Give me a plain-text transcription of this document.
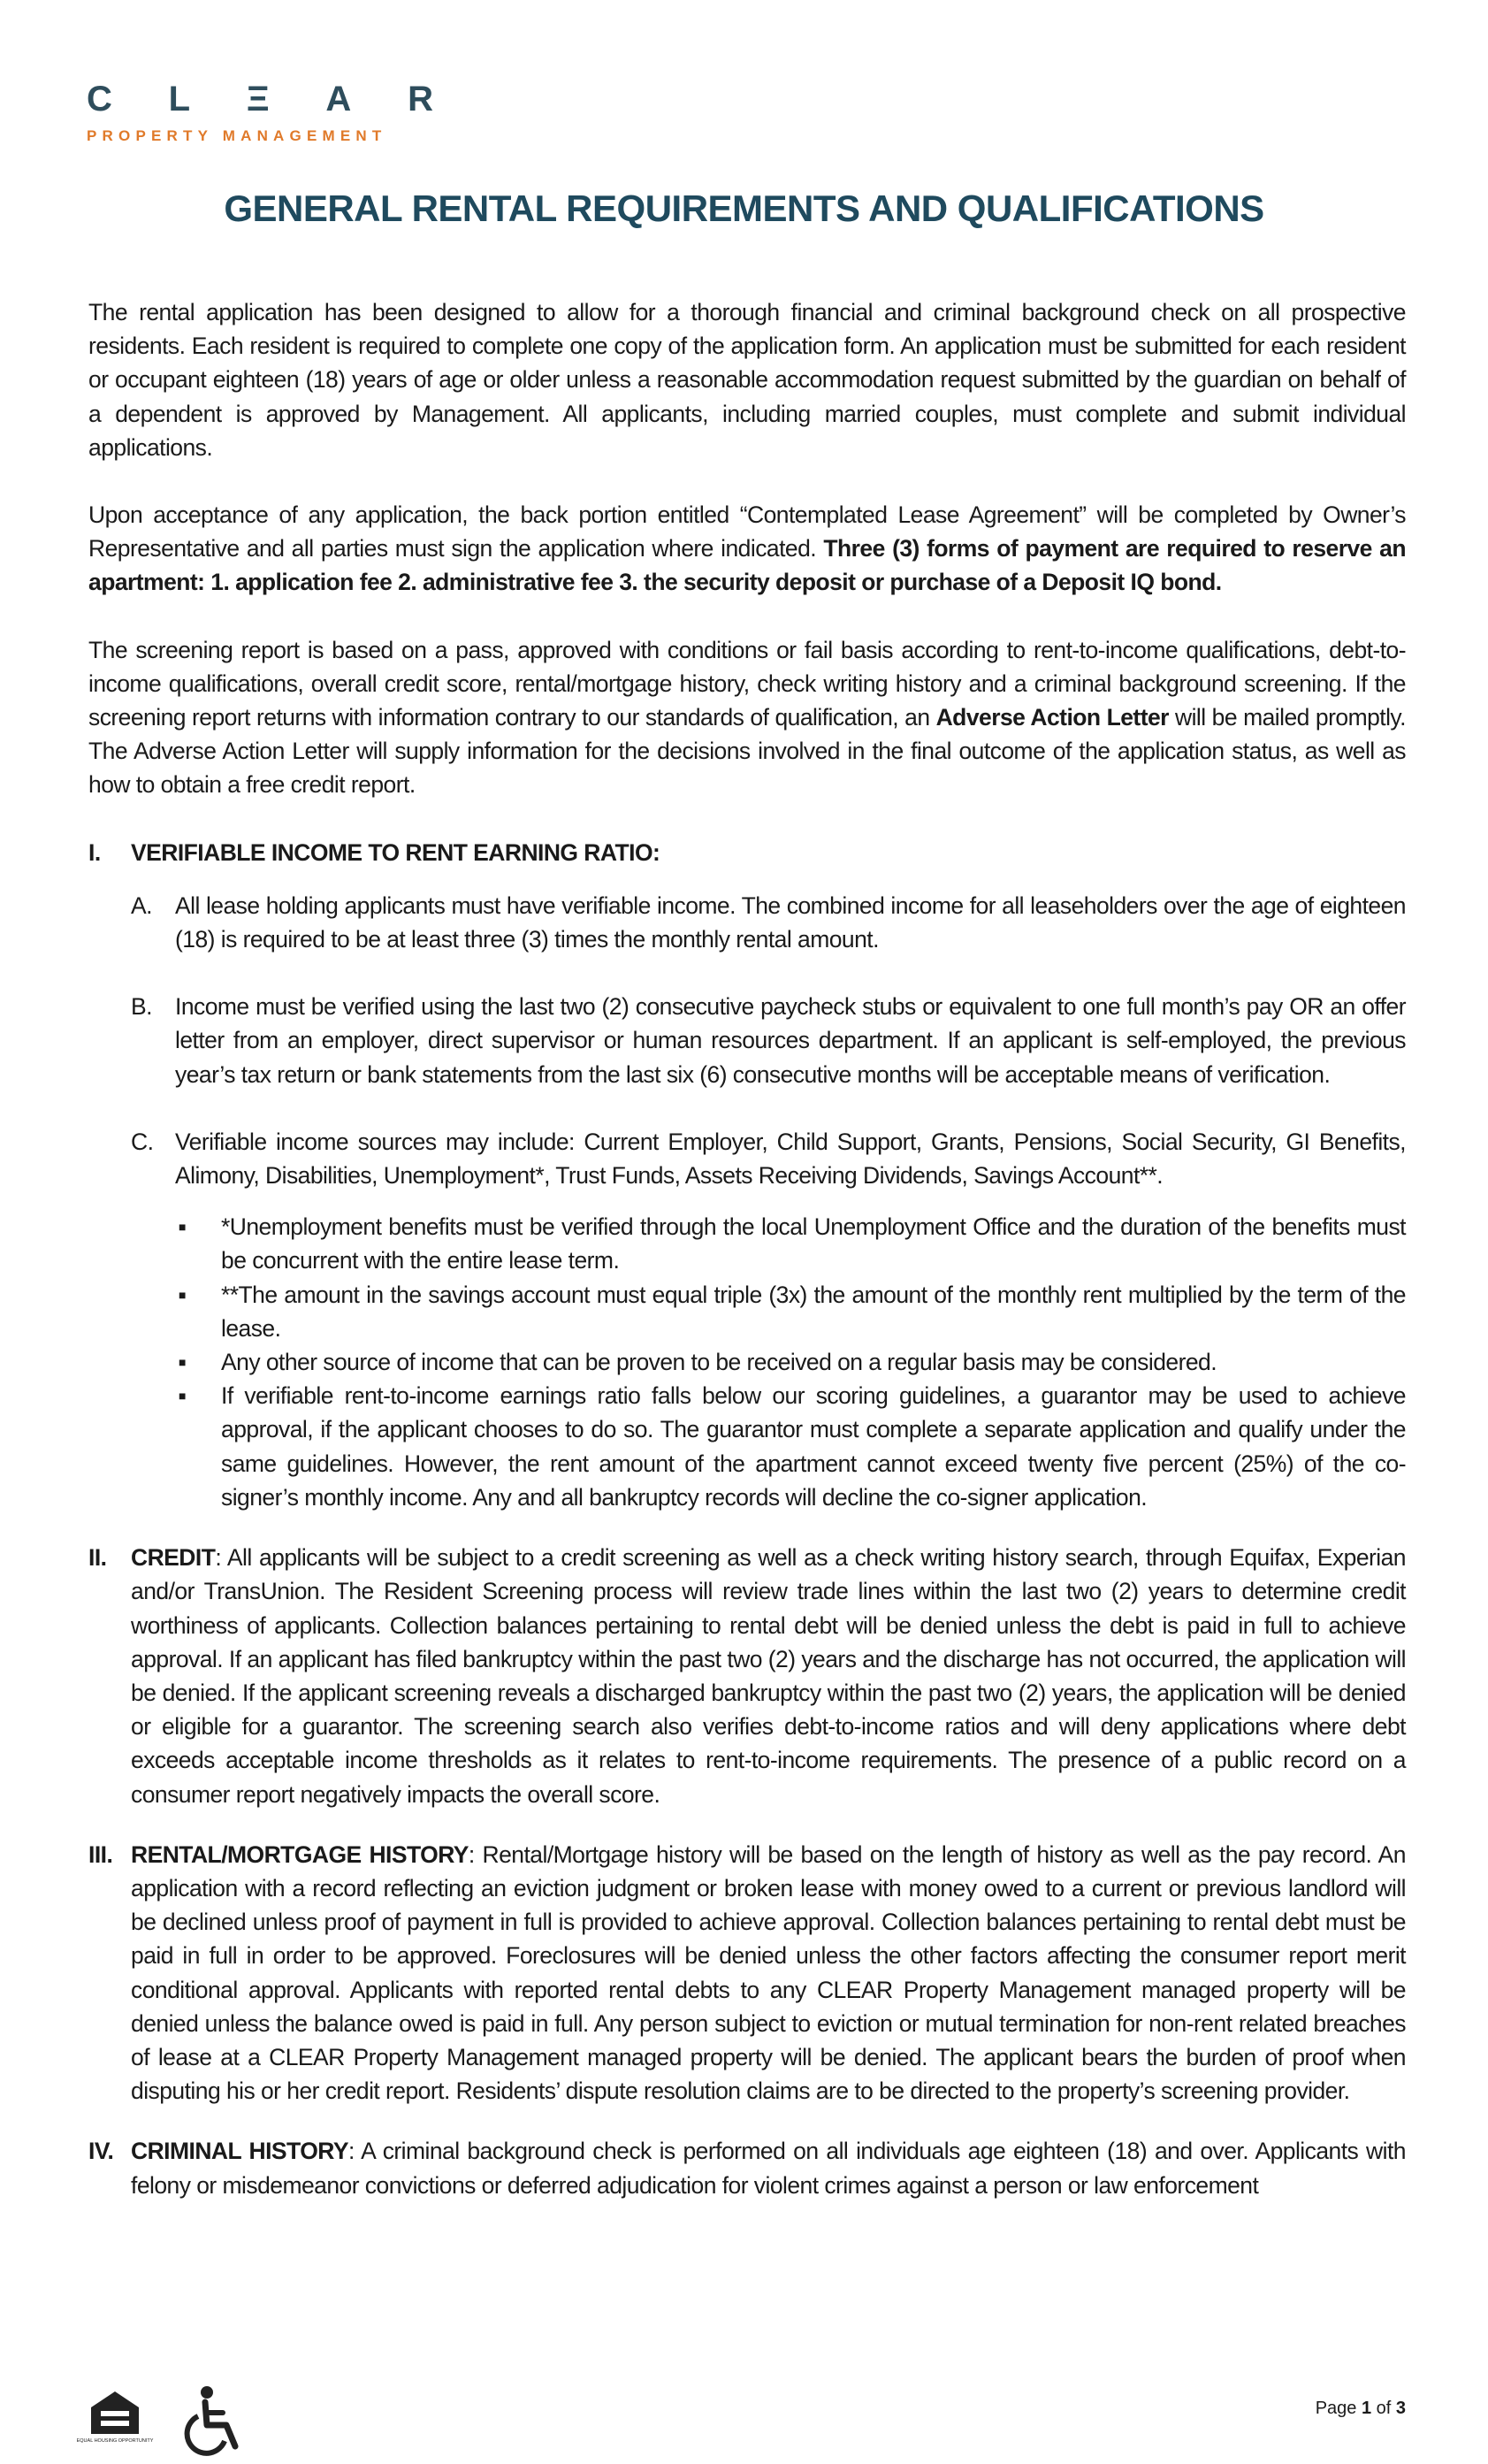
C L Ξ A R
PROPERTY MANAGEMENT
GENERAL RENTAL REQUIREMENTS AND QUALIFICATIONS

The rental application has been designed to allow for a thorough financial and criminal background check on all prospective residents. Each resident is required to complete one copy of the application form. An application must be submitted for each resident or occupant eighteen (18) years of age or older unless a reasonable accommodation request submitted by the guardian on behalf of a dependent is approved by Management. All applicants, including married couples, must complete and submit individual applications.

Upon acceptance of any application, the back portion entitled “Contemplated Lease Agreement” will be completed by Owner’s Representative and all parties must sign the application where indicated. Three (3) forms of payment are required to reserve an apartment: 1. application fee 2. administrative fee 3. the security deposit or purchase of a Deposit IQ bond.

The screening report is based on a pass, approved with conditions or fail basis according to rent-to-income qualifications, debt-to-income qualifications, overall credit score, rental/mortgage history, check writing history and a criminal background screening. If the screening report returns with information contrary to our standards of qualification, an Adverse Action Letter will be mailed promptly. The Adverse Action Letter will supply information for the decisions involved in the final outcome of the application status, as well as how to obtain a free credit report.

I.	VERIFIABLE INCOME TO RENT EARNING RATIO:
A. All lease holding applicants must have verifiable income. The combined income for all leaseholders over the age of eighteen (18) is required to be at least three (3) times the monthly rental amount.
B. Income must be verified using the last two (2) consecutive paycheck stubs or equivalent to one full month’s pay OR an offer letter from an employer, direct supervisor or human resources department. If an applicant is self-employed, the previous year’s tax return or bank statements from the last six (6) consecutive months will be acceptable means of verification.
C. Verifiable income sources may include: Current Employer, Child Support, Grants, Pensions, Social Security, GI Benefits, Alimony, Disabilities, Unemployment*, Trust Funds, Assets Receiving Dividends, Savings Account**.
■	*Unemployment benefits must be verified through the local Unemployment Office and the duration of the benefits must be concurrent with the entire lease term.
■	**The amount in the savings account must equal triple (3x) the amount of the monthly rent multiplied by the term of the lease.
■	Any other source of income that can be proven to be received on a regular basis may be considered.
■	If verifiable rent-to-income earnings ratio falls below our scoring guidelines, a guarantor may be used to achieve approval, if the applicant chooses to do so. The guarantor must complete a separate application and qualify under the same guidelines. However, the rent amount of the apartment cannot exceed twenty five percent (25%) of the co-signer’s monthly income. Any and all bankruptcy records will decline the co-signer application.
II.	CREDIT: All applicants will be subject to a credit screening as well as a check writing history search, through Equifax, Experian and/or TransUnion. The Resident Screening process will review trade lines within the last two (2) years to determine credit worthiness of applicants. Collection balances pertaining to rental debt will be denied unless the debt is paid in full to achieve approval. If an applicant has filed bankruptcy within the past two (2) years and the discharge has not occurred, the application will be denied. If the applicant screening reveals a discharged bankruptcy within the past two (2) years, the application will be denied or eligible for a guarantor. The screening search also verifies debt-to-income ratios and will deny applications where debt exceeds acceptable income thresholds as it relates to rent-to-income requirements. The presence of a public record on a consumer report negatively impacts the overall score.
III. RENTAL/MORTGAGE HISTORY: Rental/Mortgage history will be based on the length of history as well as the pay record. An application with a record reflecting an eviction judgment or broken lease with money owed to a current or previous landlord will be declined unless proof of payment in full is provided to achieve approval. Collection balances pertaining to rental debt must be paid in full in order to be approved. Foreclosures will be denied unless the other factors affecting the consumer report merit conditional approval. Applicants with reported rental debts to any CLEAR Property Management managed property will be denied unless the balance owed is paid in full. Any person subject to eviction or mutual termination for non-rent related breaches of lease at a CLEAR Property Management managed property will be denied. The applicant bears the burden of proof when disputing his or her credit report. Residents’ dispute resolution claims are to be directed to the property’s screening provider.
IV. CRIMINAL HISTORY: A criminal background check is performed on all individuals age eighteen (18) and over. Applicants with felony or misdemeanor convictions or deferred adjudication for violent crimes against a person or law enforcement
Page 1 of 3
EQUAL HOUSING OPPORTUNITY
